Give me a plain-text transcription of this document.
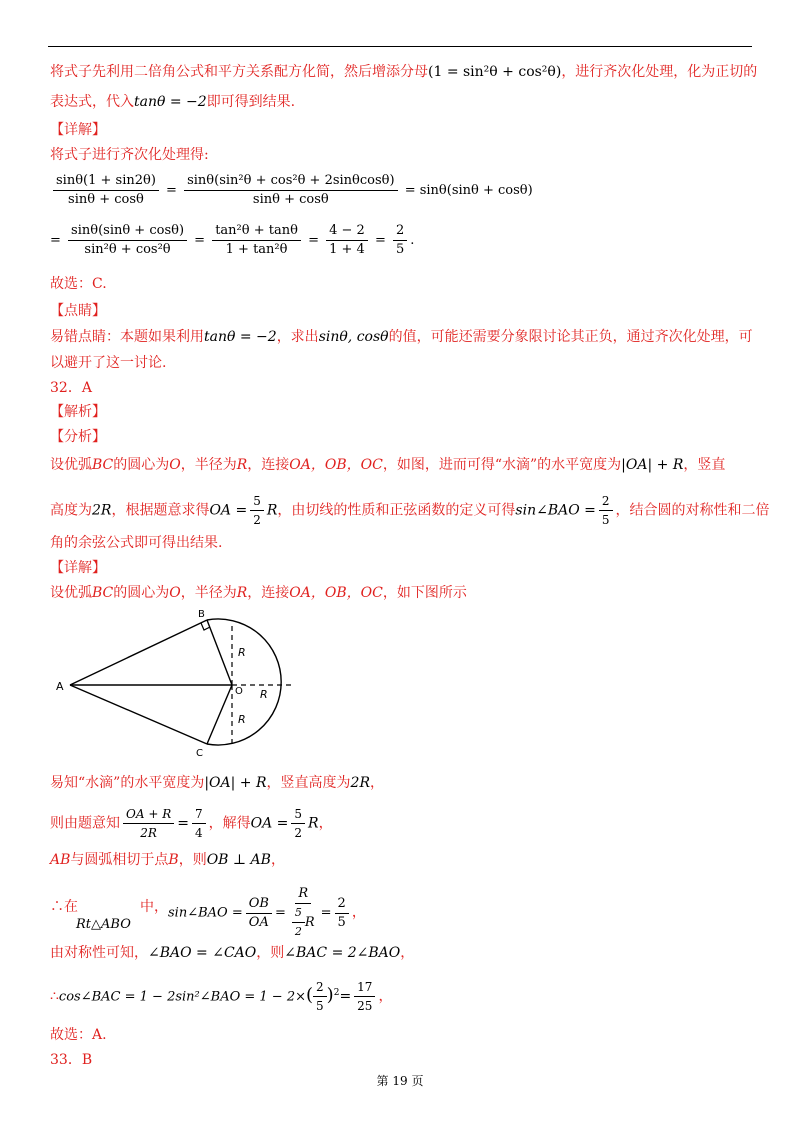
将式子先利用二倍角公式和平方关系配方化简，然后增添分母(1 = sin²θ + cos²θ)，进行齐次化处理，化为正切的
表达式，代入tanθ = −2即可得到结果.
【详解】
将式子进行齐次化处理得:
$\frac{\sin\theta(1 + \sin 2\theta)}{\sin\theta + \cos\theta} = \frac{\text{sinθ(sin²θ + cos²θ + 2sinθcosθ)}}{\sin\theta + \cos\theta} = \sin\theta(\sin\theta + \cos\theta)$
= $\frac{\sin\theta(\sin\theta + \cos\theta)}{\text{sin²θ + cos²θ}} = \frac{\text{tan²θ + tanθ}}{\text{1 + tan²θ}} = \frac{4 - 2}{1 + 4} = \frac{2}{5}$ .
故选：C.
【点睛】
易错点睛：本题如果利用tanθ = −2，求出sinθ, cosθ的值，可能还需要分象限讨论其正负，通过齐次化处理，可
以避开了这一讨论.
32．A
【解析】
【分析】
设优弧BC的圆心为O，半径为R，连接OA，OB，OC，如图，进而可得“水滴”的水平宽度为|OA| + R，竖直
高度为2R，根据题意求得OA = $\frac{5}{2}$ R，由切线的性质和正弦函数的定义可得sin∠BAO = $\frac{2}{5}$ ，结合圆的对称性和二倍
角的余弦公式即可得出结果.
【详解】
设优弧BC的圆心为O，半径为R，连接OA，OB，OC，如下图所示
A
B
C
O
R
R
R
易知“水滴”的水平宽度为|OA| + R，竖直高度为2R，
则由题意知 $\frac{OA + R}{2R} = \frac{7}{4}$ ，解得OA = $\frac{5}{2}$ R，
AB与圆弧相切于点B，则OB ⊥ AB，
∴在
Rt△ABO
中， sin∠BAO = $\frac{OB}{OA} = \frac{R}{\frac{5}{2} R} = \frac{2}{5}$ ，
由对称性可知，∠BAO = ∠CAO，则∠BAC = 2∠BAO，
∴cos∠BAC = 1 − 2sin²∠BAO = $1 - 2\times( \frac{2}{5} )^2= \frac{17}{25}$ ，
故选：A.
33．B
第 19 页
